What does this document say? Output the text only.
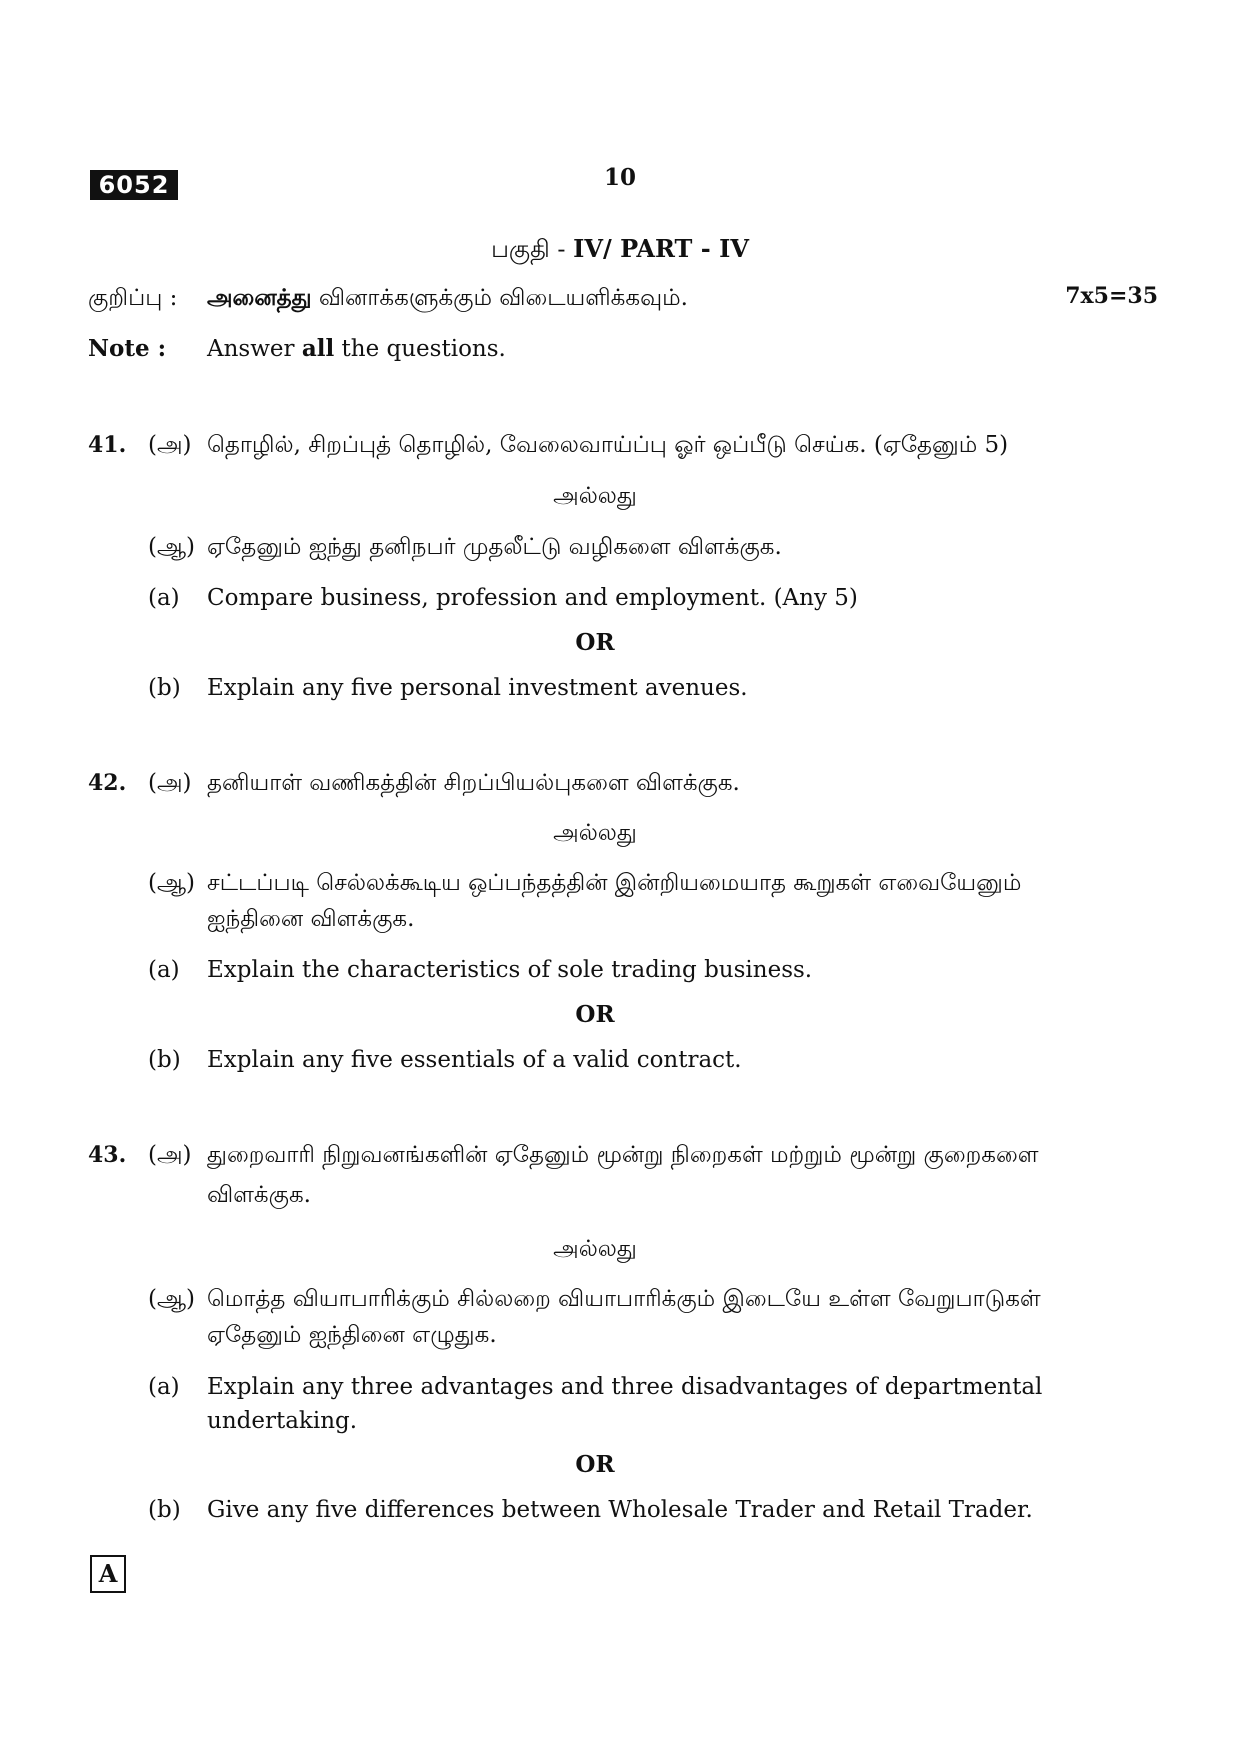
6052	10
பகுதி - IV/ PART - IV
குறிப்பு : அனைத்து வினாக்களுக்கும் விடையளிக்கவும்.	7x5=35
Note : Answer all the questions.
41. (அ) தொழில், சிறப்புத் தொழில், வேலைவாய்ப்பு ஓர் ஒப்பீடு செய்க. (ஏதேனும் 5)
அல்லது
(ஆ) ஏதேனும் ஐந்து தனிநபர் முதலீட்டு வழிகளை விளக்குக.
(a) Compare business, profession and employment. (Any 5)
OR
(b) Explain any five personal investment avenues.
42. (அ) தனியாள் வணிகத்தின் சிறப்பியல்புகளை விளக்குக.
அல்லது
(ஆ) சட்டப்படி செல்லக்கூடிய ஒப்பந்தத்தின் இன்றியமையாத கூறுகள் எவையேனும்
ஐந்தினை விளக்குக.
(a) Explain the characteristics of sole trading business.
OR
(b) Explain any five essentials of a valid contract.
43. (அ) துறைவாரி நிறுவனங்களின் ஏதேனும் மூன்று நிறைகள் மற்றும் மூன்று குறைகளை
விளக்குக.
அல்லது
(ஆ) மொத்த வியாபாரிக்கும் சில்லறை வியாபாரிக்கும் இடையே உள்ள வேறுபாடுகள்
ஏதேனும் ஐந்தினை எழுதுக.
(a) Explain any three advantages and three disadvantages of departmental
undertaking.
OR
(b) Give any five differences between Wholesale Trader and Retail Trader.
A
